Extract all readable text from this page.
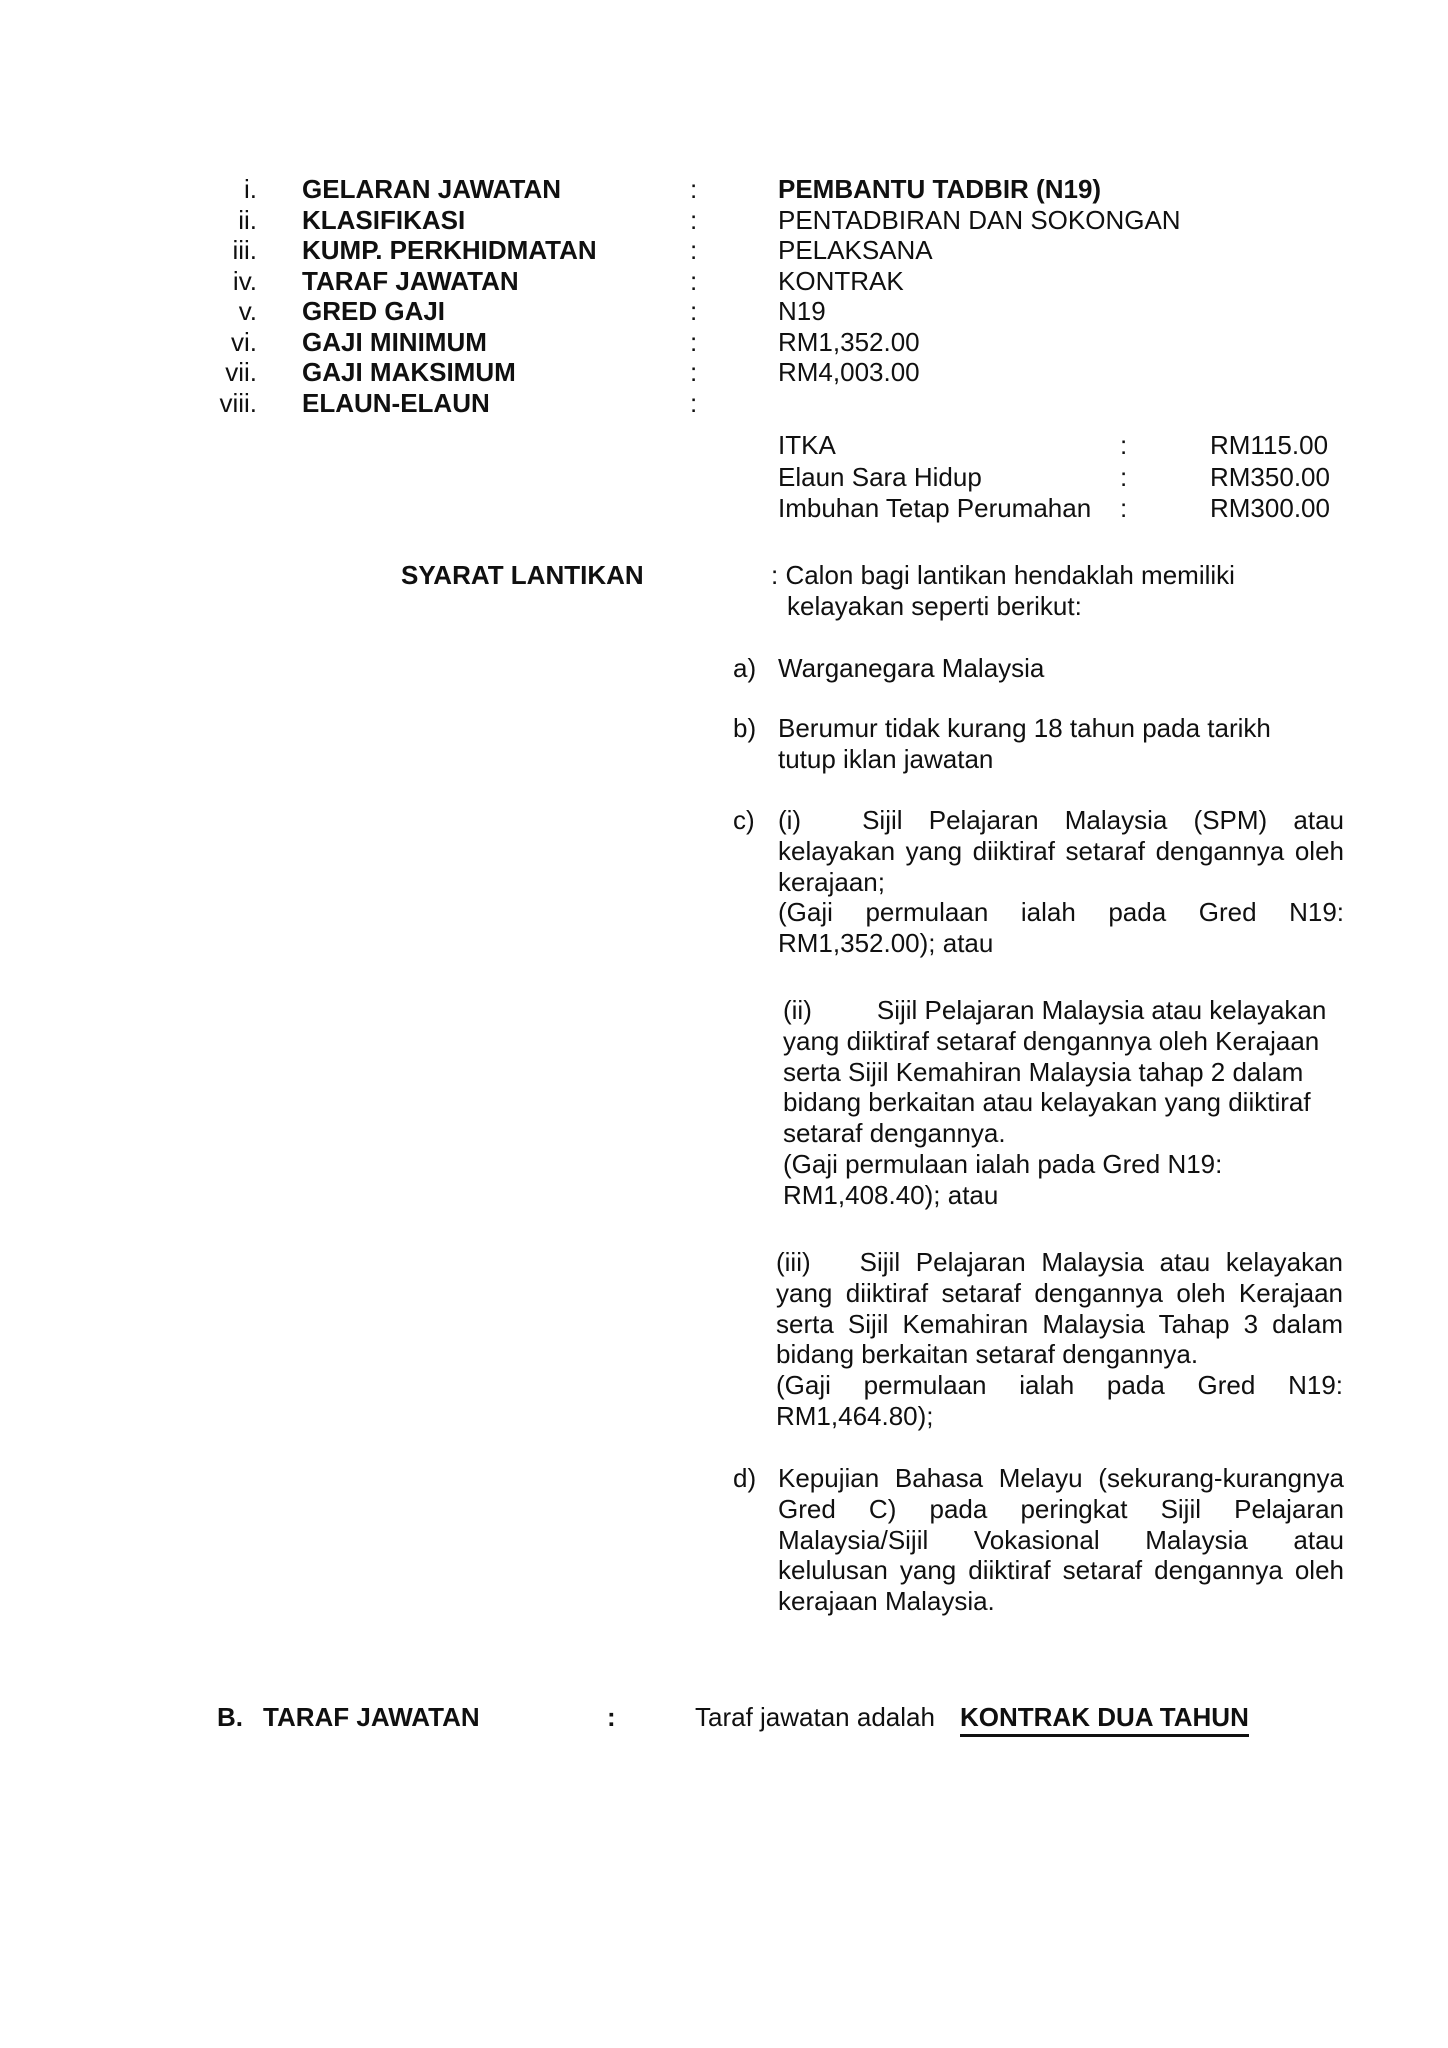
i.	GELARAN JAWATAN	:	PEMBANTU TADBIR (N19)
ii.	KLASIFIKASI	:	PENTADBIRAN DAN SOKONGAN
iii.	KUMP. PERKHIDMATAN	:	PELAKSANA
iv.	TARAF JAWATAN	:	KONTRAK
v.	GRED GAJI	:	N19
vi.	GAJI MINIMUM	:	RM1,352.00
vii.	GAJI MAKSIMUM	:	RM4,003.00
viii.	ELAUN-ELAUN	:
ITKA	:	RM115.00
Elaun Sara Hidup	:	RM350.00
Imbuhan Tetap Perumahan	:	RM300.00
SYARAT LANTIKAN	: Calon bagi lantikan hendaklah memiliki
kelayakan seperti berikut:
a) Warganegara Malaysia
b) Berumur tidak kurang 18 tahun pada tarikh
tutup iklan jawatan
c) (i) Sijil Pelajaran Malaysia (SPM) atau
kelayakan yang diiktiraf setaraf dengannya oleh
kerajaan;
(Gaji permulaan ialah pada Gred N19:
RM1,352.00); atau
(ii)	Sijil Pelajaran Malaysia atau kelayakan
yang diiktiraf setaraf dengannya oleh Kerajaan
serta Sijil Kemahiran Malaysia tahap 2 dalam
bidang berkaitan atau kelayakan yang diiktiraf
setaraf dengannya.
(Gaji permulaan ialah pada Gred N19:
RM1,408.40); atau
(iii) Sijil Pelajaran Malaysia atau kelayakan
yang diiktiraf setaraf dengannya oleh Kerajaan
serta Sijil Kemahiran Malaysia Tahap 3 dalam
bidang berkaitan setaraf dengannya.
(Gaji permulaan ialah pada Gred N19:
RM1,464.80);
d) Kepujian Bahasa Melayu (sekurang-kurangnya
Gred C) pada peringkat Sijil Pelajaran
Malaysia/Sijil Vokasional Malaysia atau
kelulusan yang diiktiraf setaraf dengannya oleh
kerajaan Malaysia.
B. TARAF JAWATAN	:	Taraf jawatan adalah KONTRAK DUA TAHUN
